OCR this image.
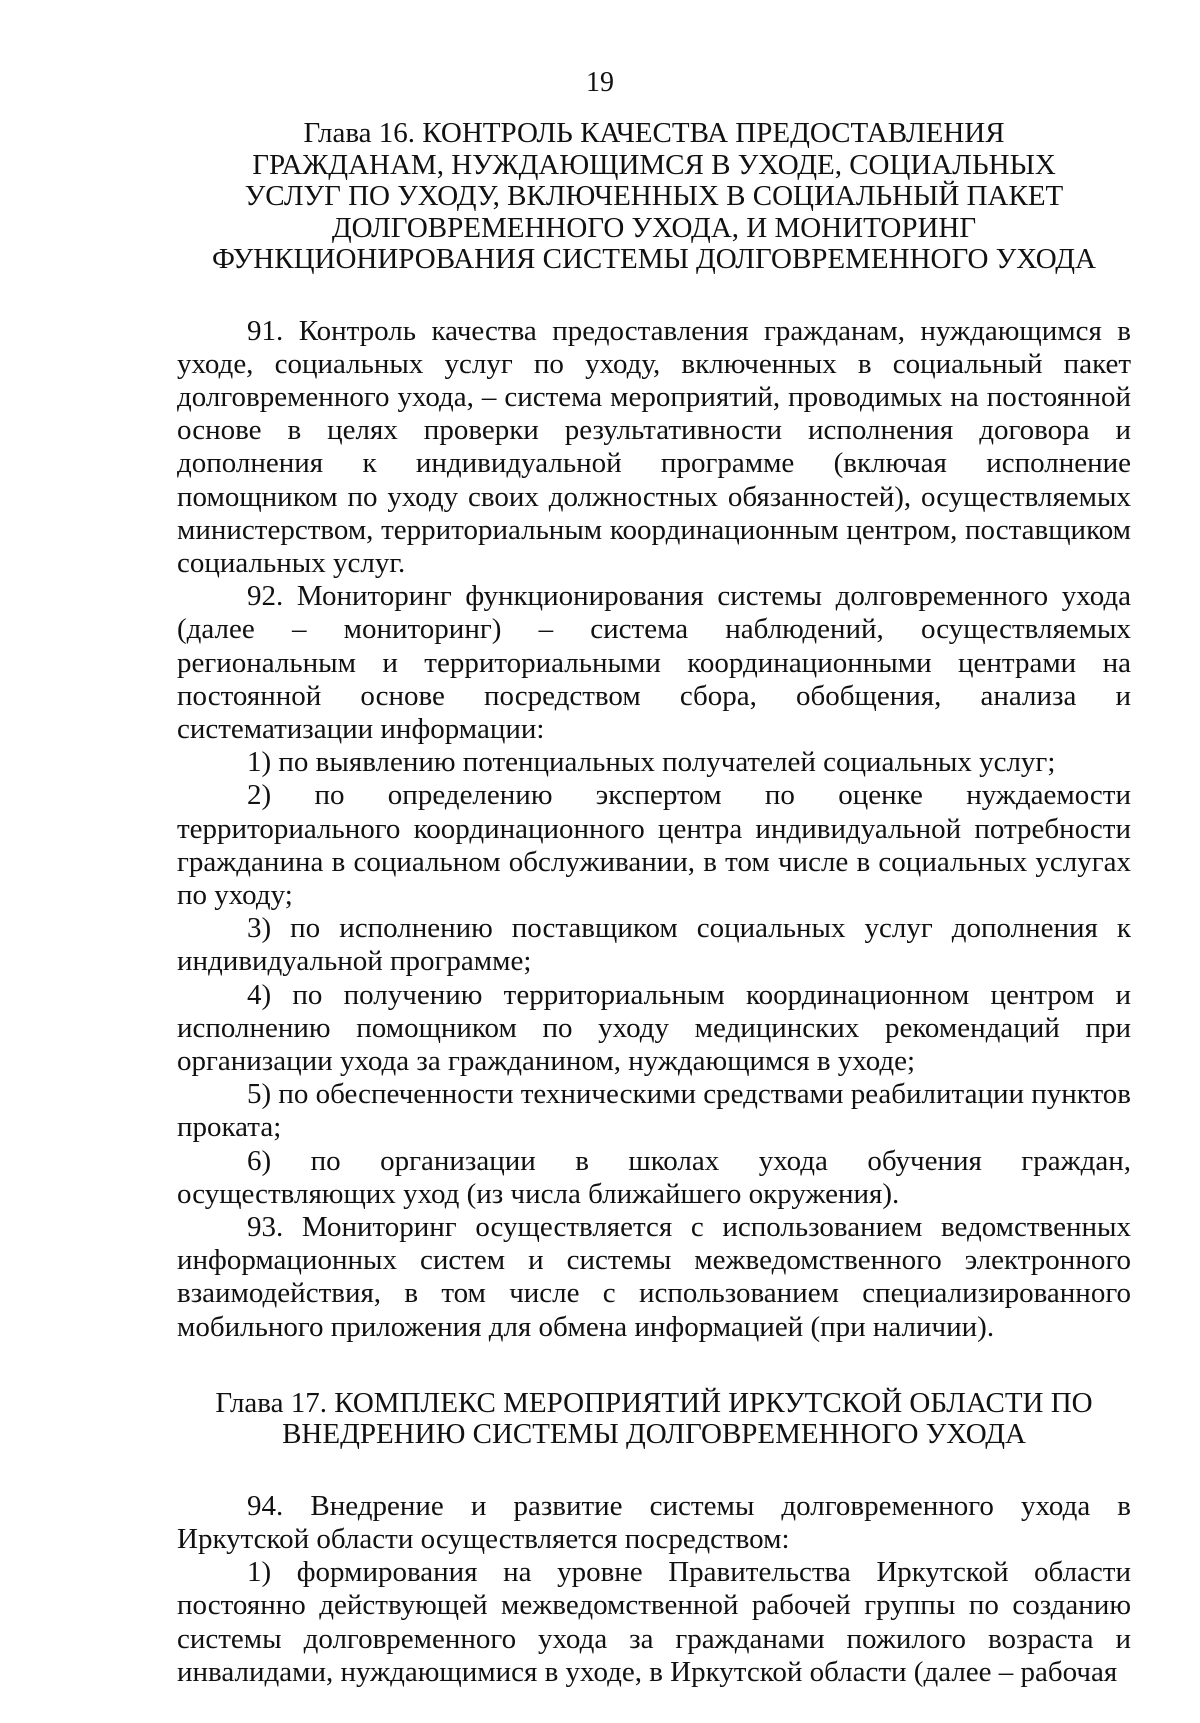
19
Глава 16. КОНТРОЛЬ КАЧЕСТВА ПРЕДОСТАВЛЕНИЯ ГРАЖДАНАМ, НУЖДАЮЩИМСЯ В УХОДЕ, СОЦИАЛЬНЫХ УСЛУГ ПО УХОДУ, ВКЛЮЧЕННЫХ В СОЦИАЛЬНЫЙ ПАКЕТ ДОЛГОВРЕМЕННОГО УХОДА, И МОНИТОРИНГ ФУНКЦИОНИРОВАНИЯ СИСТЕМЫ ДОЛГОВРЕМЕННОГО УХОДА

91. Контроль качества предоставления гражданам, нуждающимся в уходе, социальных услуг по уходу, включенных в социальный пакет долговременного ухода, – система мероприятий, проводимых на постоянной основе в целях проверки результативности исполнения договора и дополнения к индивидуальной программе (включая исполнение помощником по уходу своих должностных обязанностей), осуществляемых министерством, территориальным координационным центром, поставщиком социальных услуг.

92. Мониторинг функционирования системы долговременного ухода (далее – мониторинг) – система наблюдений, осуществляемых региональным и территориальными координационными центрами на постоянной основе посредством сбора, обобщения, анализа и систематизации информации:

1) по выявлению потенциальных получателей социальных услуг;

2) по определению экспертом по оценке нуждаемости территориального координационного центра индивидуальной потребности гражданина в социальном обслуживании, в том числе в социальных услугах по уходу;

3) по исполнению поставщиком социальных услуг дополнения к индивидуальной программе;

4) по получению территориальным координационном центром и исполнению помощником по уходу медицинских рекомендаций при организации ухода за гражданином, нуждающимся в уходе;

5) по обеспеченности техническими средствами реабилитации пунктов проката;

6) по организации в школах ухода обучения граждан, осуществляющих уход (из числа ближайшего окружения).

93. Мониторинг осуществляется с использованием ведомственных информационных систем и системы межведомственного электронного взаимодействия, в том числе с использованием специализированного мобильного приложения для обмена информацией (при наличии).

Глава 17. КОМПЛЕКС МЕРОПРИЯТИЙ ИРКУТСКОЙ ОБЛАСТИ ПО ВНЕДРЕНИЮ СИСТЕМЫ ДОЛГОВРЕМЕННОГО УХОДА

94. Внедрение и развитие системы долговременного ухода в Иркутской области осуществляется посредством:

1) формирования на уровне Правительства Иркутской области постоянно действующей межведомственной рабочей группы по созданию системы долговременного ухода за гражданами пожилого возраста и инвалидами, нуждающимися в уходе, в Иркутской области (далее – рабочая
